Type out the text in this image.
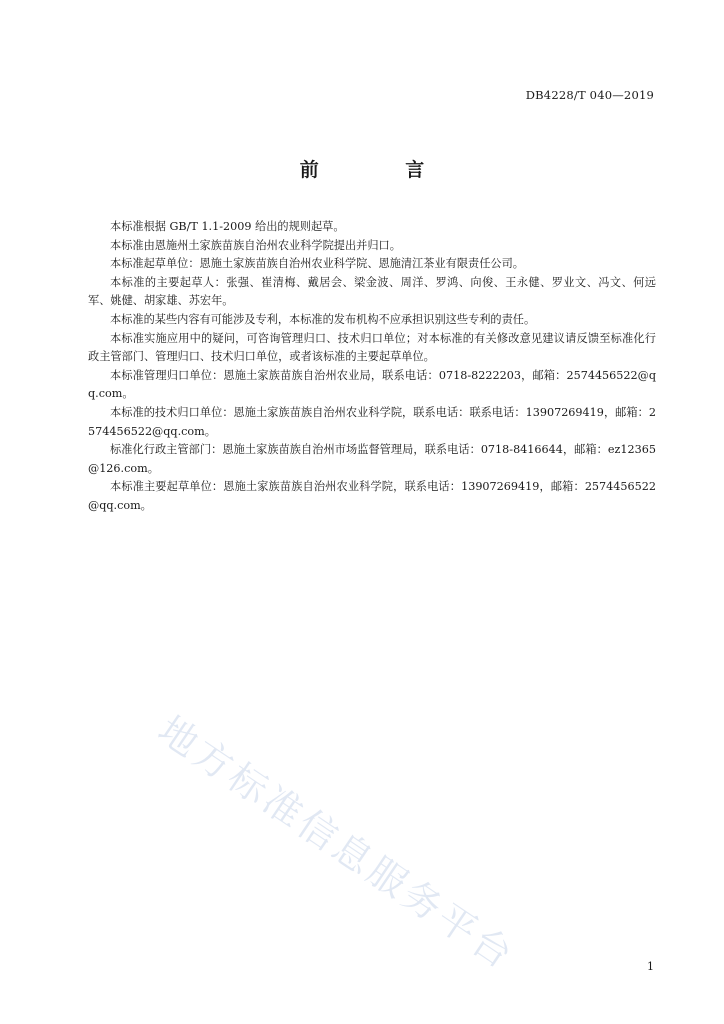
DB4228/T 040—2019
前 言

本标准根据 GB/T 1.1-2009 给出的规则起草。

本标准由恩施州土家族苗族自治州农业科学院提出并归口。

本标准起草单位：恩施土家族苗族自治州农业科学院、恩施清江茶业有限责任公司。

本标准的主要起草人：张强、崔清梅、戴居会、梁金波、周洋、罗鸿、向俊、王永健、罗业文、冯文、何远军、姚健、胡家雄、苏宏年。

本标准的某些内容有可能涉及专利，本标准的发布机构不应承担识别这些专利的责任。

本标准实施应用中的疑问，可咨询管理归口、技术归口单位；对本标准的有关修改意见建议请反馈至标准化行政主管部门、管理归口、技术归口单位，或者该标准的主要起草单位。

本标准管理归口单位：恩施土家族苗族自治州农业局，联系电话：0718-8222203，邮箱：2574456522@qq.com。

本标准的技术归口单位：恩施土家族苗族自治州农业科学院，联系电话：联系电话：13907269419，邮箱：2574456522@qq.com。

标准化行政主管部门：恩施土家族苗族自治州市场监督管理局，联系电话：0718-8416644，邮箱：ez12365@126.com。

本标准主要起草单位：恩施土家族苗族自治州农业科学院，联系电话：13907269419，邮箱：2574456522@qq.com。

地方标准信息服务平台	1
